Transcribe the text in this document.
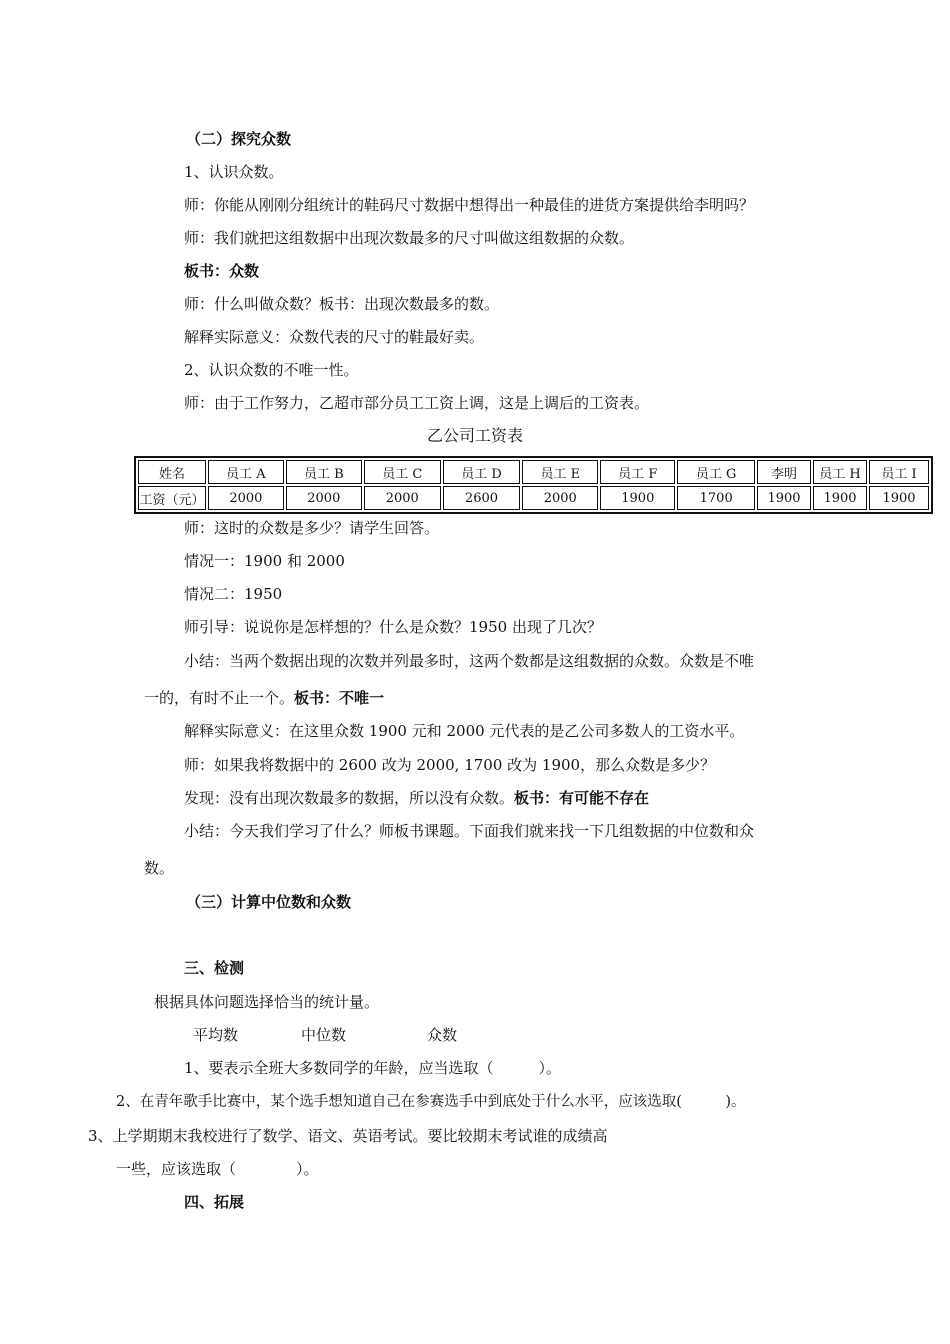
（二）探究众数
1、认识众数。
师：你能从刚刚分组统计的鞋码尺寸数据中想得出一种最佳的进货方案提供给李明吗？
师：我们就把这组数据中出现次数最多的尺寸叫做这组数据的众数。
板书：众数
师：什么叫做众数？板书：出现次数最多的数。
解释实际意义：众数代表的尺寸的鞋最好卖。
2、认识众数的不唯一性。
师：由于工作努力，乙超市部分员工工资上调，这是上调后的工资表。
乙公司工资表
姓名	员工 A	员工 B	员工 C	员工 D	员工 E	员工 F	员工 G	李明	员工 H	员工 I
工资（元）	2000	2000	2000	2600	2000	1900	1700	1900	1900	1900
师：这时的众数是多少？请学生回答。
情况一：1900 和 2000
情况二：1950
师引导：说说你是怎样想的？什么是众数？1950 出现了几次？
小结：当两个数据出现的次数并列最多时，这两个数都是这组数据的众数。众数是不唯
一的，有时不止一个。板书：不唯一
解释实际意义：在这里众数 1900 元和 2000 元代表的是乙公司多数人的工资水平。
师：如果我将数据中的 2600 改为 2000, 1700 改为 1900，那么众数是多少？
发现：没有出现次数最多的数据，所以没有众数。板书：有可能不存在
小结：今天我们学习了什么？师板书课题。下面我们就来找一下几组数据的中位数和众
数。
（三）计算中位数和众数
三、检测
根据具体问题选择恰当的统计量。
平均数	中位数	众数
1、要表示全班大多数同学的年龄，应当选取（　　　）。
2、在青年歌手比赛中，某个选手想知道自己在参赛选手中到底处于什么水平，应该选取(　　　)。
3、上学期期末我校进行了数学、语文、英语考试。要比较期末考试谁的成绩高
一些，应该选取（　　　　）。
四、拓展
